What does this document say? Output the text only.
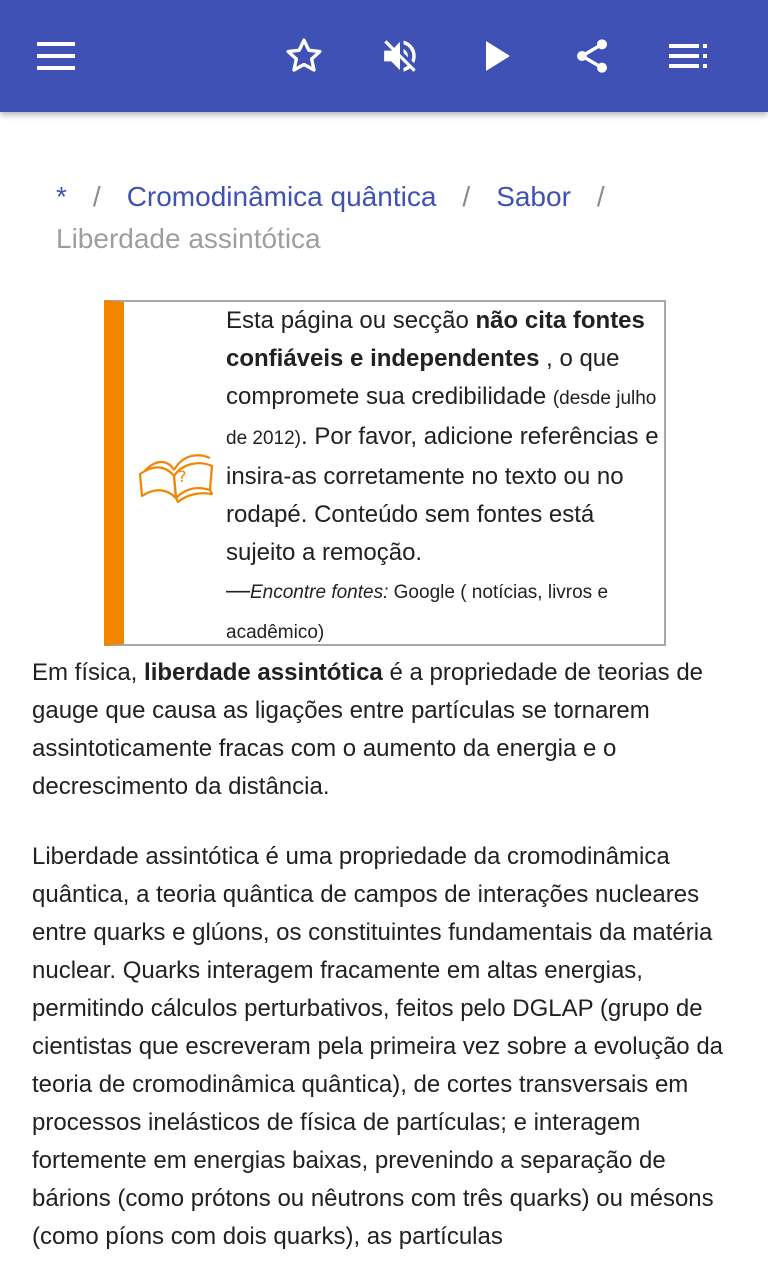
* / Cromodinâmica quântica / Sabor /
Liberdade assintótica
?
Esta página ou secção não cita fontes confiáveis e independentes , o que compromete sua credibilidade (desde julho de 2012). Por favor, adicione referências e insira-as corretamente no texto ou no rodapé. Conteúdo sem fontes está sujeito a remoção.
—Encontre fontes: Google ( notícias, livros e acadêmico)

Em física, liberdade assintótica é a propriedade de teorias de gauge que causa as ligações entre partículas se tornarem assintoticamente fracas com o aumento da energia e o decrescimento da distância.

Liberdade assintótica é uma propriedade da cromodinâmica quântica, a teoria quântica de campos de interações nucleares entre quarks e glúons, os constituintes fundamentais da matéria nuclear. Quarks interagem fracamente em altas energias, permitindo cálculos perturbativos, feitos pelo DGLAP (grupo de cientistas que escreveram pela primeira vez sobre a evolução da teoria de cromodinâmica quântica), de cortes transversais em processos inelásticos de física de partículas; e interagem fortemente em energias baixas, prevenindo a separação de bárions (como prótons ou nêutrons com três quarks) ou mésons (como píons com dois quarks), as partículas
